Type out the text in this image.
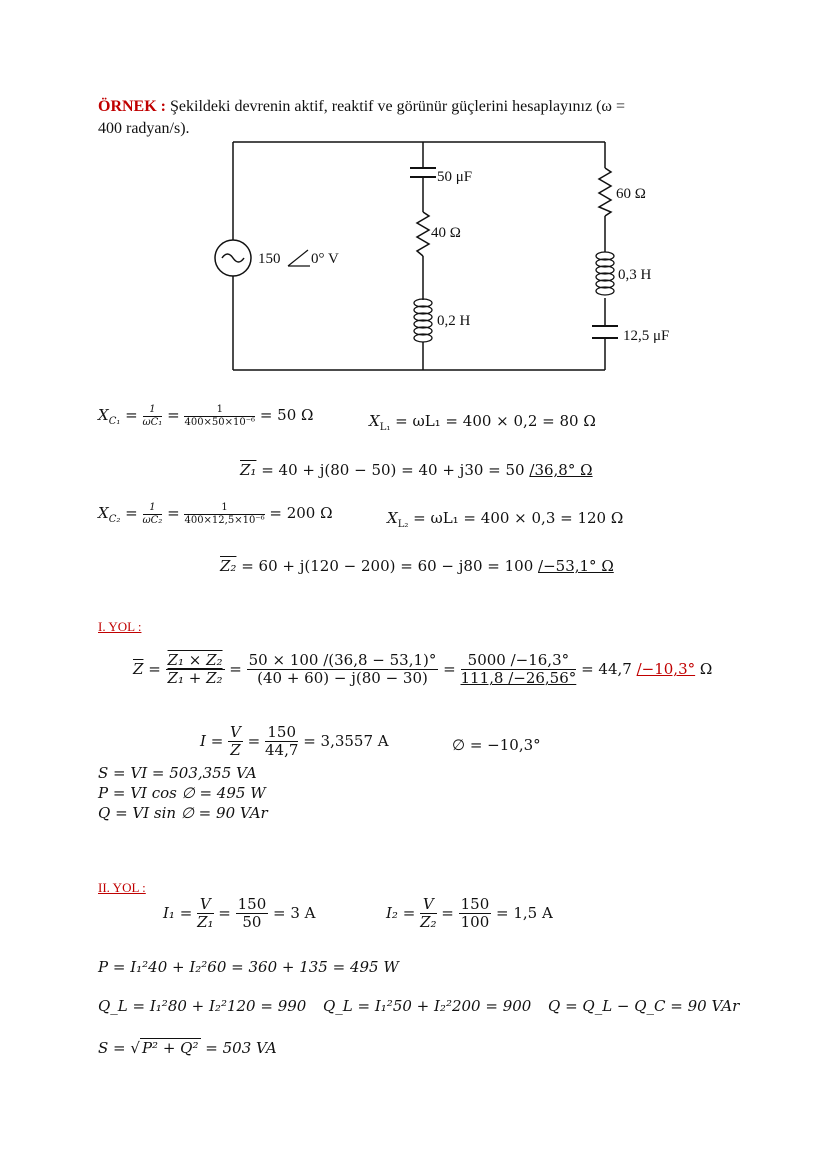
ÖRNEK : Şekildeki devrenin aktif, reaktif ve görünür güçlerini hesaplayınız (ω =
400 radyan/s).
150 0° V
50 μF
40 Ω
0,2 H
60 Ω
0,3 H
12,5 μF
$X_{C_1} = \frac{1}{\text{ωC₁}} = \frac{1}{\text{400×50×10⁻⁶}} = 50$ Ω	$X_{L_1} = \omega L_1 = 400 \times 0,2 = 80$ Ω
Z₁ = 40 + j(80 − 50) = 40 + j30 = 50 /36,8° Ω
$X_{C_2} = \frac{1}{\text{ωC₂}} = \frac{1}{\text{400×12,5×10⁻⁶}} = 200$ Ω	$X_{L_2} = \omega L_1 = 400 \times 0,3 = 120$ Ω
Z₂ = 60 + j(120 − 200) = 60 − j80 = 100 /−53,1° Ω
I. YOL :
$\overline{Z} = \frac{\text{Z₁ × Z₂}}{\text{Z₁ + Z₂}} = \frac{50 \times 100 /(36,8 - 53,1)^\circ}{(40 + 60) - j(80 - 30)} = \frac{5000 /-16,3^\circ}{111,8 /-26,56^\circ} = 44,7$ /−10,3° Ω
$I = \frac{V}{Z} = \frac{150}{44,7} = 3,3557$ A	∅ = −10,3°
S = VI = 503,355 VA
P = VI cos ∅ = 495 W
Q = VI sin ∅ = 90 VAr
II. YOL :
$I_1 = \frac{V}{\text{Z₁}} = \frac{150}{50} = 3$ A	$I_2 = \frac{V}{\text{Z₂}} = \frac{150}{100} = 1,5$ A
P = I₁²40 + I₂²60 = 360 + 135 = 495 W
Q_L = I₁²80 + I₂²120 = 990 Q_L = I₁²50 + I₂²200 = 900 Q = Q_L − Q_C = 90 VAr
S = √ P² + Q² = 503 VA
